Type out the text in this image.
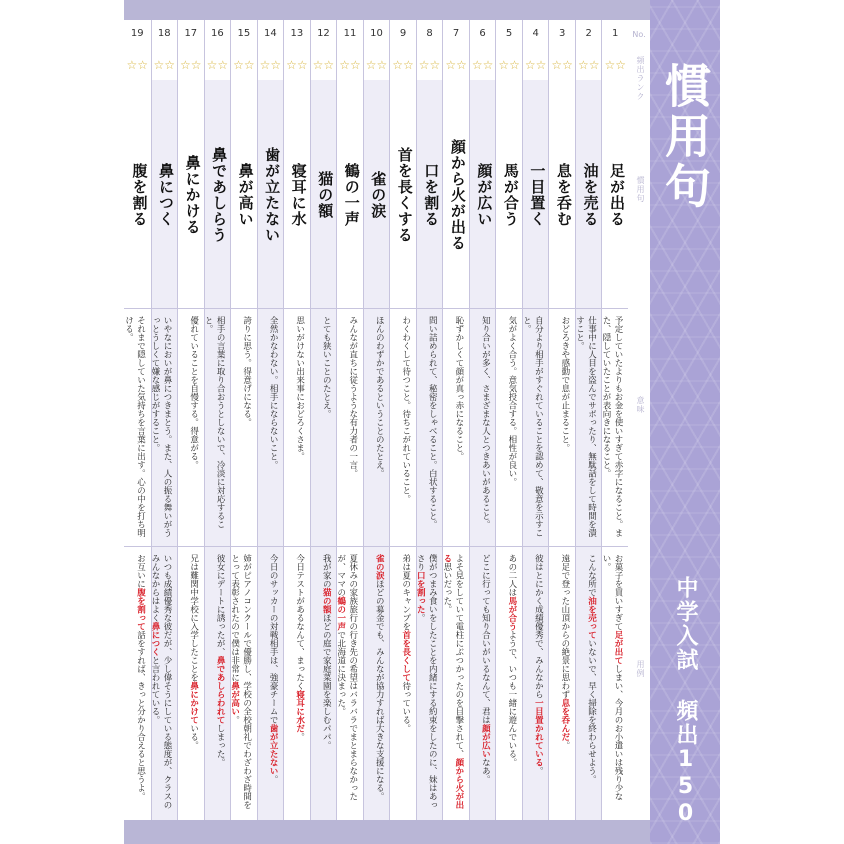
1
☆☆
足が出る
予定していたよりもお金を使いすぎて赤字になること。また、隠していたことが表向きになること。
お菓子を買いすぎて足が出てしまい、今月のお小遣いは残り少ない。
2
☆☆
油を売る
仕事中に人目を盗んでサボったり、無駄話をして時間を潰すこと。
こんな所で油を売っていないで、早く掃除を終わらせよう。
3
☆☆
息を呑む
おどろきや感動で息が止まること。
遠足で登った山頂からの絶景に思わず息を呑んだ。
4
☆☆
一目置く
自分より相手がすぐれていることを認めて、敬意を示すこと。
彼はとにかく成績優秀で、みんなから一目置かれている。
5
☆☆
馬が合う
気がよく合う。意気投合する。相性が良い。
あの二人は馬が合うようで、いつも一緒に遊んでいる。
6
☆☆
顔が広い
知り合いが多く、さまざまな人とつきあいがあること。
どこに行っても知り合いがいるなんて、君は顔が広いなあ。
7
☆☆
顔から火が出る
恥ずかしくて顔が真っ赤になること。
よそ見をしていて電柱にぶつかったのを目撃されて、顔から火が出る思いだった。
8
☆☆
口を割る
問い詰められて、秘密をしゃべること。白状すること。
僕がつまみ食いをしたことを内緒にする約束をしたのに、妹はあっさり口を割った。
9
☆☆
首を長くする
わくわくして待つこと。待ちこがれていること。
弟は夏のキャンプを首を長くして待っている。
10
☆☆
雀の涙
ほんのわずかであるということのたとえ。
雀の涙ほどの募金でも、みんなが協力すれば大きな支援になる。
11
☆☆
鶴の一声
みんなが直ちに従うような有力者の一言。
夏休みの家族旅行の行き先の希望はバラバラでまとまらなかったが、ママの鶴の一声で北海道に決まった。
12
☆☆
猫の額
とても狭いことのたとえ。
我が家の猫の額ほどの庭で家庭菜園を楽しむパパ。
13
☆☆
寝耳に水
思いがけない出来事におどろくさま。
今日テストがあるなんて、まったく寝耳に水だ。
14
☆☆
歯が立たない
全然かなわない。相手にならないこと。
今日のサッカーの対戦相手は、強豪チームで歯が立たない。
15
☆☆
鼻が高い
誇りに思う。得意げになる。
姉がピアノコンクールで優勝し、学校の全校朝礼でわざわざ時間をとって表彰されたので僕は非常に鼻が高い。
16
☆☆
鼻であしらう
相手の言葉に取り合おうとしないで、冷淡に対応すること。
彼女にデートに誘ったが、鼻であしらわれてしまった。
17
☆☆
鼻にかける
優れていることを自慢する。得意がる。
兄は難関中学校に入学したことを鼻にかけている。
18
☆☆
鼻につく
いやなにおいが鼻につきまとう。また、人の振る舞いがうっとうしくて嫌な感じがすること。
いつも成績優秀な彼だが、少し偉そうにしている態度が、クラスのみんなからはよく鼻につくと言われている。
19
☆☆
腹を割る
それまで隠していた気持ちを言葉に出す。心の中を打ち明ける。
お互いに腹を割って話をすれば、きっと分かり合えると思うよ。
No.
頻出ランク
慣用句
意味
用例
慣用句
中学入試 頻出150
